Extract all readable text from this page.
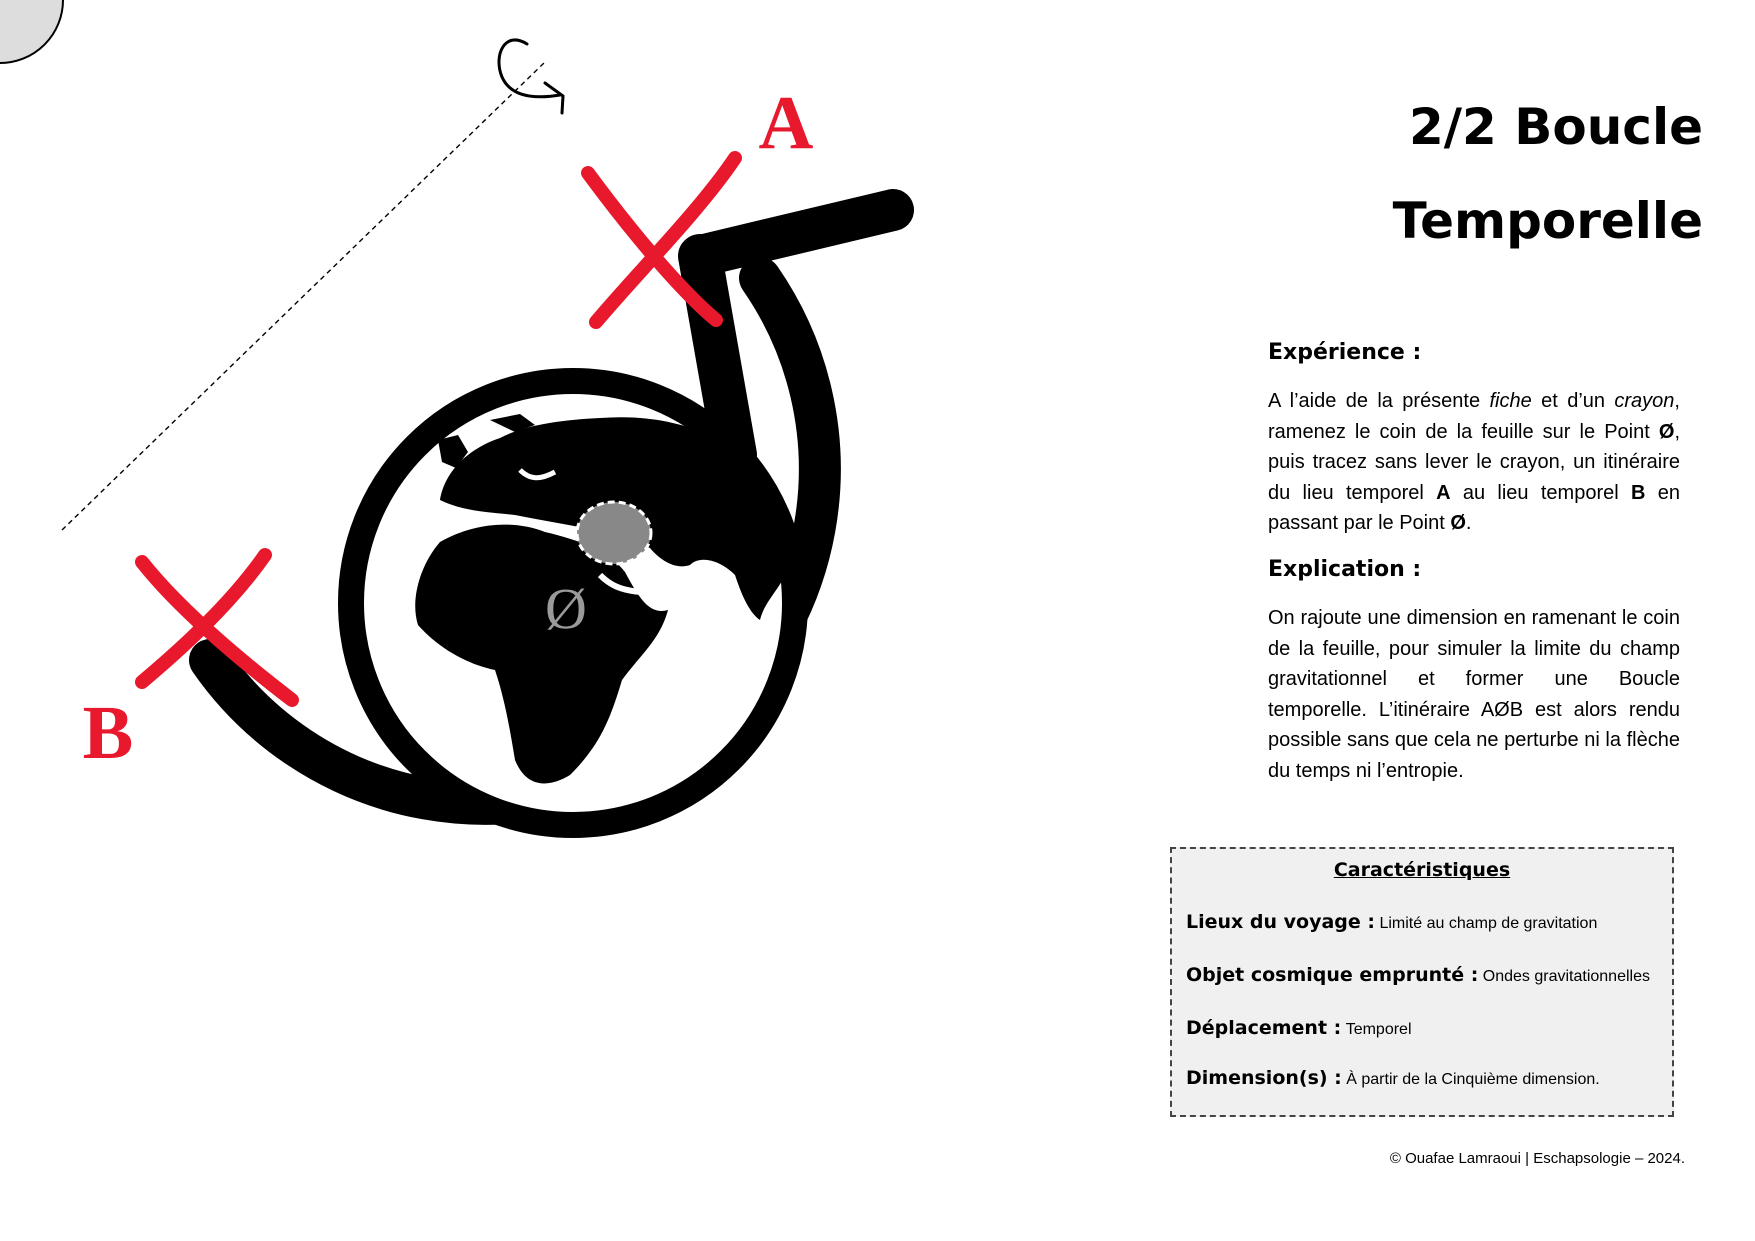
Ø
A
B
2/2 Boucle
Temporelle
Expérience :

A l’aide de la présente fiche et d’un crayon, ramenez le coin de la feuille sur le Point Ø, puis tracez sans lever le crayon, un itinéraire du lieu temporel A au lieu temporel B en passant par le Point Ø.

Explication :

On rajoute une dimension en ramenant le coin de la feuille, pour simuler la limite du champ gravitationnel et former une Boucle temporelle. L’itinéraire AØB est alors rendu possible sans que cela ne perturbe ni la flèche du temps ni l’entropie.

Caractéristiques
Lieux du voyage : Limité au champ de gravitation
Objet cosmique emprunté : Ondes gravitationnelles
Déplacement : Temporel
Dimension(s) : À partir de la Cinquième dimension.
© Ouafae Lamraoui | Eschapsologie – 2024.
